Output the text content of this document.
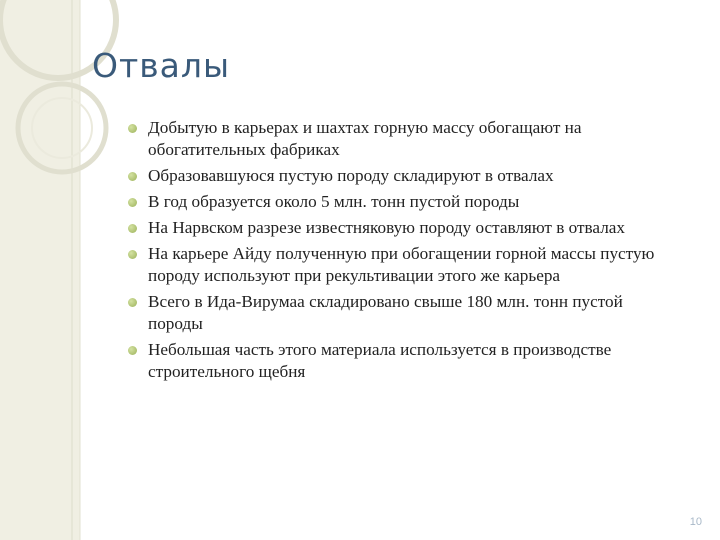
Отвалы
Добытую в карьерах и шахтах горную массу обогащают на обогатительных фабриках
Образовавшуюся пустую породу складируют в отвалах
В год образуется около 5 млн. тонн пустой породы
На Нарвском разрезе известняковую породу оставляют в отвалах
На карьере Айду полученную при обогащении горной массы пустую породу используют при рекультивации этого же карьера
Всего в Ида-Вирумаа складировано свыше 180 млн. тонн пустой породы
Небольшая часть этого материала используется в производстве строительного щебня
10
